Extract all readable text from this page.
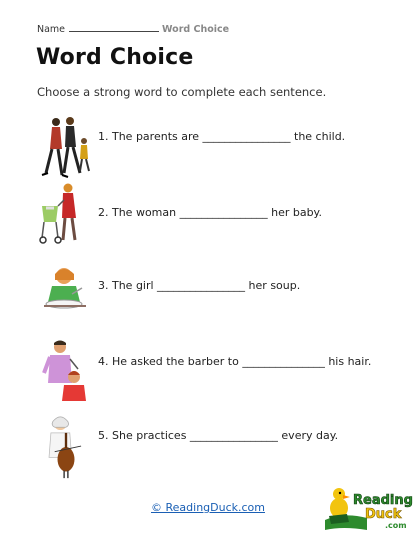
Name	Word Choice
Word Choice
Choose a strong word to complete each sentence.
1. The parents are ________________ the child.
2. The woman ________________ her baby.
3. The girl ________________ her soup.
4. He asked the barber to _______________ his hair.
5. She practices ________________ every day.
© ReadingDuck.com	Reading
Duck
.com
